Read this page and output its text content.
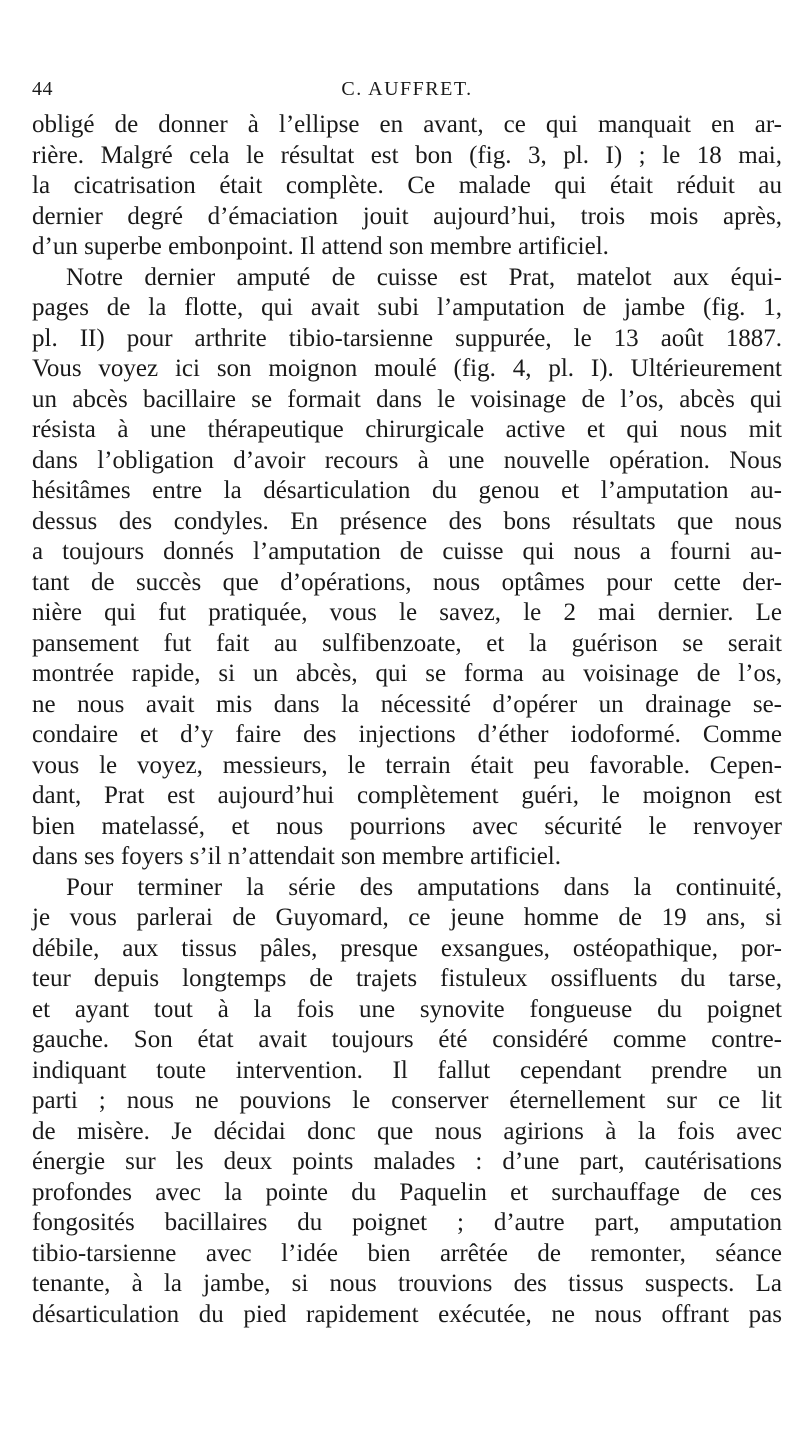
44	C. AUFFRET.
obligé de donner à l’ellipse en avant, ce qui manquait en ar-
rière. Malgré cela le résultat est bon (fig. 3, pl. I) ; le 18 mai,
la cicatrisation était complète. Ce malade qui était réduit au
dernier degré d’émaciation jouit aujourd’hui, trois mois après,
d’un superbe embonpoint. Il attend son membre artificiel.
Notre dernier amputé de cuisse est Prat, matelot aux équi-
pages de la flotte, qui avait subi l’amputation de jambe (fig. 1,
pl. II) pour arthrite tibio-tarsienne suppurée, le 13 août 1887.
Vous voyez ici son moignon moulé (fig. 4, pl. I). Ultérieurement
un abcès bacillaire se formait dans le voisinage de l’os, abcès qui
résista à une thérapeutique chirurgicale active et qui nous mit
dans l’obligation d’avoir recours à une nouvelle opération. Nous
hésitâmes entre la désarticulation du genou et l’amputation au-
dessus des condyles. En présence des bons résultats que nous
a toujours donnés l’amputation de cuisse qui nous a fourni au-
tant de succès que d’opérations, nous optâmes pour cette der-
nière qui fut pratiquée, vous le savez, le 2 mai dernier. Le
pansement fut fait au sulfibenzoate, et la guérison se serait
montrée rapide, si un abcès, qui se forma au voisinage de l’os,
ne nous avait mis dans la nécessité d’opérer un drainage se-
condaire et d’y faire des injections d’éther iodoformé. Comme
vous le voyez, messieurs, le terrain était peu favorable. Cepen-
dant, Prat est aujourd’hui complètement guéri, le moignon est
bien matelassé, et nous pourrions avec sécurité le renvoyer
dans ses foyers s’il n’attendait son membre artificiel.
Pour terminer la série des amputations dans la continuité,
je vous parlerai de Guyomard, ce jeune homme de 19 ans, si
débile, aux tissus pâles, presque exsangues, ostéopathique, por-
teur depuis longtemps de trajets fistuleux ossifluents du tarse,
et ayant tout à la fois une synovite fongueuse du poignet
gauche. Son état avait toujours été considéré comme contre-
indiquant toute intervention. Il fallut cependant prendre un
parti ; nous ne pouvions le conserver éternellement sur ce lit
de misère. Je décidai donc que nous agirions à la fois avec
énergie sur les deux points malades : d’une part, cautérisations
profondes avec la pointe du Paquelin et surchauffage de ces
fongosités bacillaires du poignet ; d’autre part, amputation
tibio-tarsienne avec l’idée bien arrêtée de remonter, séance
tenante, à la jambe, si nous trouvions des tissus suspects. La
désarticulation du pied rapidement exécutée, ne nous offrant pas
